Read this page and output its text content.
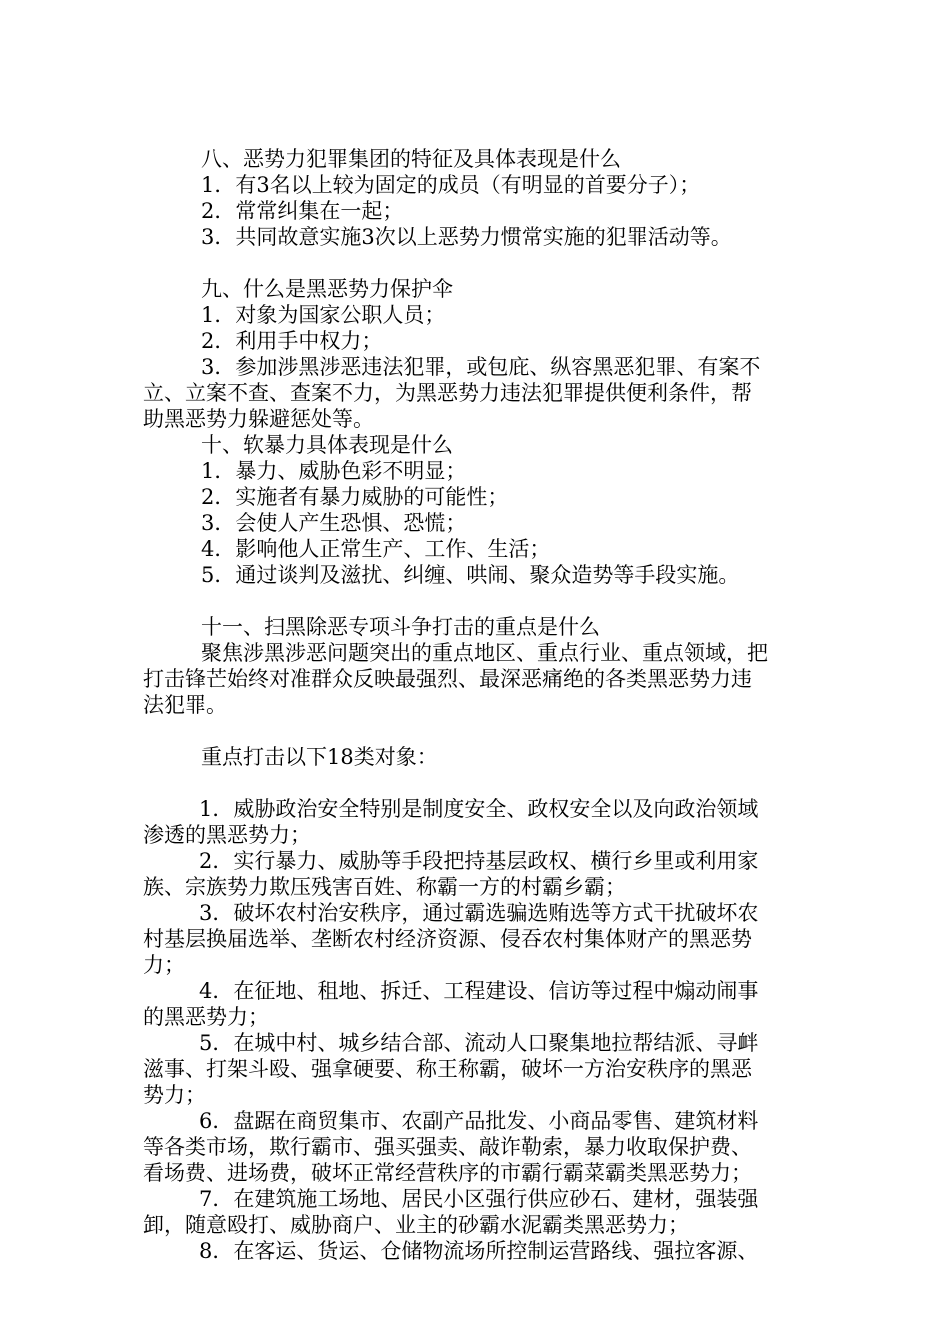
八、恶势力犯罪集团的特征及具体表现是什么
1．有3名以上较为固定的成员（有明显的首要分子）；
2．常常纠集在一起；
3．共同故意实施3次以上恶势力惯常实施的犯罪活动等。
九、什么是黑恶势力保护伞
1．对象为国家公职人员；
2．利用手中权力；
3．参加涉黑涉恶违法犯罪，或包庇、纵容黑恶犯罪、有案不
立、立案不查、查案不力，为黑恶势力违法犯罪提供便利条件，帮
助黑恶势力躲避惩处等。
十、软暴力具体表现是什么
1．暴力、威胁色彩不明显；
2．实施者有暴力威胁的可能性；
3．会使人产生恐惧、恐慌；
4．影响他人正常生产、工作、生活；
5．通过谈判及滋扰、纠缠、哄闹、聚众造势等手段实施。
十一、扫黑除恶专项斗争打击的重点是什么
聚焦涉黑涉恶问题突出的重点地区、重点行业、重点领域，把
打击锋芒始终对准群众反映最强烈、最深恶痛绝的各类黑恶势力违
法犯罪。
重点打击以下18类对象：
1．威胁政治安全特别是制度安全、政权安全以及向政治领域
渗透的黑恶势力；
2．实行暴力、威胁等手段把持基层政权、横行乡里或利用家
族、宗族势力欺压残害百姓、称霸一方的村霸乡霸；
3．破坏农村治安秩序，通过霸选骗选贿选等方式干扰破坏农
村基层换届选举、垄断农村经济资源、侵吞农村集体财产的黑恶势
力；
4．在征地、租地、拆迁、工程建设、信访等过程中煽动闹事
的黑恶势力；
5．在城中村、城乡结合部、流动人口聚集地拉帮结派、寻衅
滋事、打架斗殴、强拿硬要、称王称霸，破坏一方治安秩序的黑恶
势力；
6．盘踞在商贸集市、农副产品批发、小商品零售、建筑材料
等各类市场，欺行霸市、强买强卖、敲诈勒索，暴力收取保护费、
看场费、进场费，破坏正常经营秩序的市霸行霸菜霸类黑恶势力；
7．在建筑施工场地、居民小区强行供应砂石、建材，强装强
卸，随意殴打、威胁商户、业主的砂霸水泥霸类黑恶势力；
8．在客运、货运、仓储物流场所控制运营路线、强拉客源、
